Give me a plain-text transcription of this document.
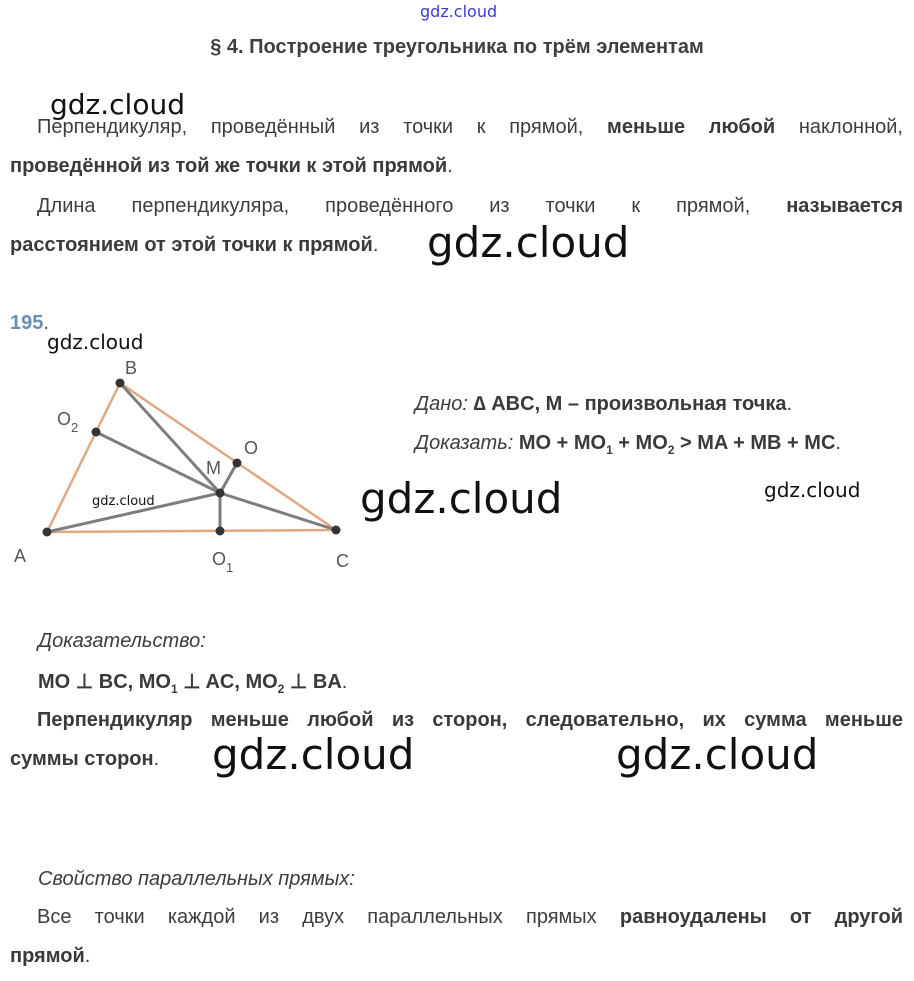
gdz.cloud
§ 4. Построение треугольника по трём элементам
Перпендикуляр, проведённый из точки к прямой, меньше любой наклонной,
проведённой из той же точки к этой прямой.
Длина перпендикуляра, проведённого из точки к прямой, называется
расстоянием от этой точки к прямой.
195.
A
B
C
M
O
$O_1$
$O_2$
Дано: ∆ ABC, M – произвольная точка.
Доказать: MO + $MO_1 + MO_2$ > MA + MB + MC.
Доказательство:
MO ⊥ BC, $MO_1$ ⊥ AC, $MO_2$ ⊥ BA.
Перпендикуляр меньше любой из сторон, следовательно, их сумма меньше
суммы сторон.
Свойство параллельных прямых:
Все точки каждой из двух параллельных прямых равноудалены от другой
прямой.
gdz.cloud
gdz.cloud
gdz.cloud
gdz.cloud	gdz.cloud	gdz.cloud
gdz.cloud	gdz.cloud
